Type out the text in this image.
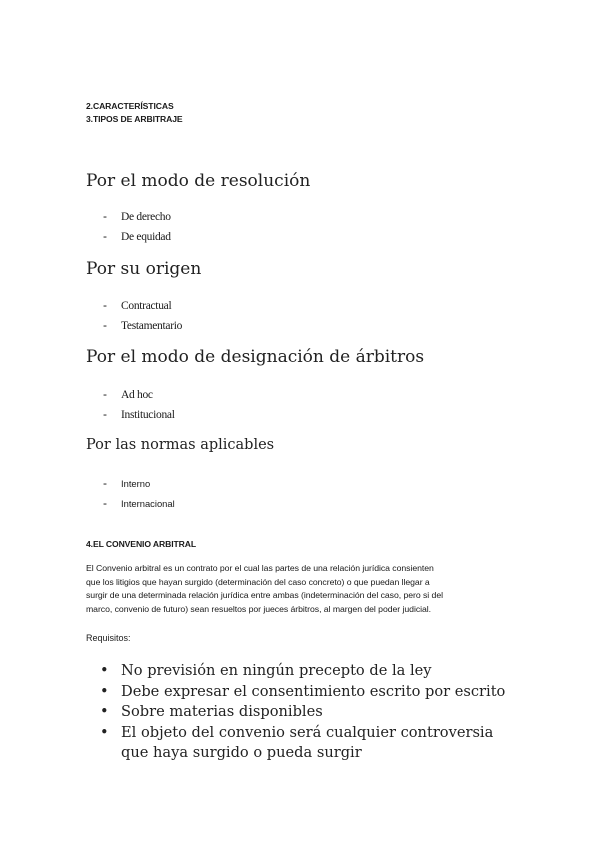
2.CARACTERÍSTICAS
3.TIPOS DE ARBITRAJE
Por el modo de resolución
- De derecho
- De equidad
Por su origen
- Contractual
- Testamentario
Por el modo de designación de árbitros
- Ad hoc
- Institucional
Por las normas aplicables
- Interno
- Internacional
4.EL CONVENIO ARBITRAL

El Convenio arbitral es un contrato por el cual las partes de una relación jurídica consienten

que los litigios que hayan surgido (determinación del caso concreto) o que puedan llegar a

surgir de una determinada relación jurídica entre ambas (indeterminación del caso, pero si del

marco, convenio de futuro) sean resueltos por jueces árbitros, al margen del poder judicial.

Requisitos:
• No previsión en ningún precepto de la ley
• Debe expresar el consentimiento escrito por escrito
• Sobre materias disponibles
• El objeto del convenio será cualquier controversia
que haya surgido o pueda surgir
